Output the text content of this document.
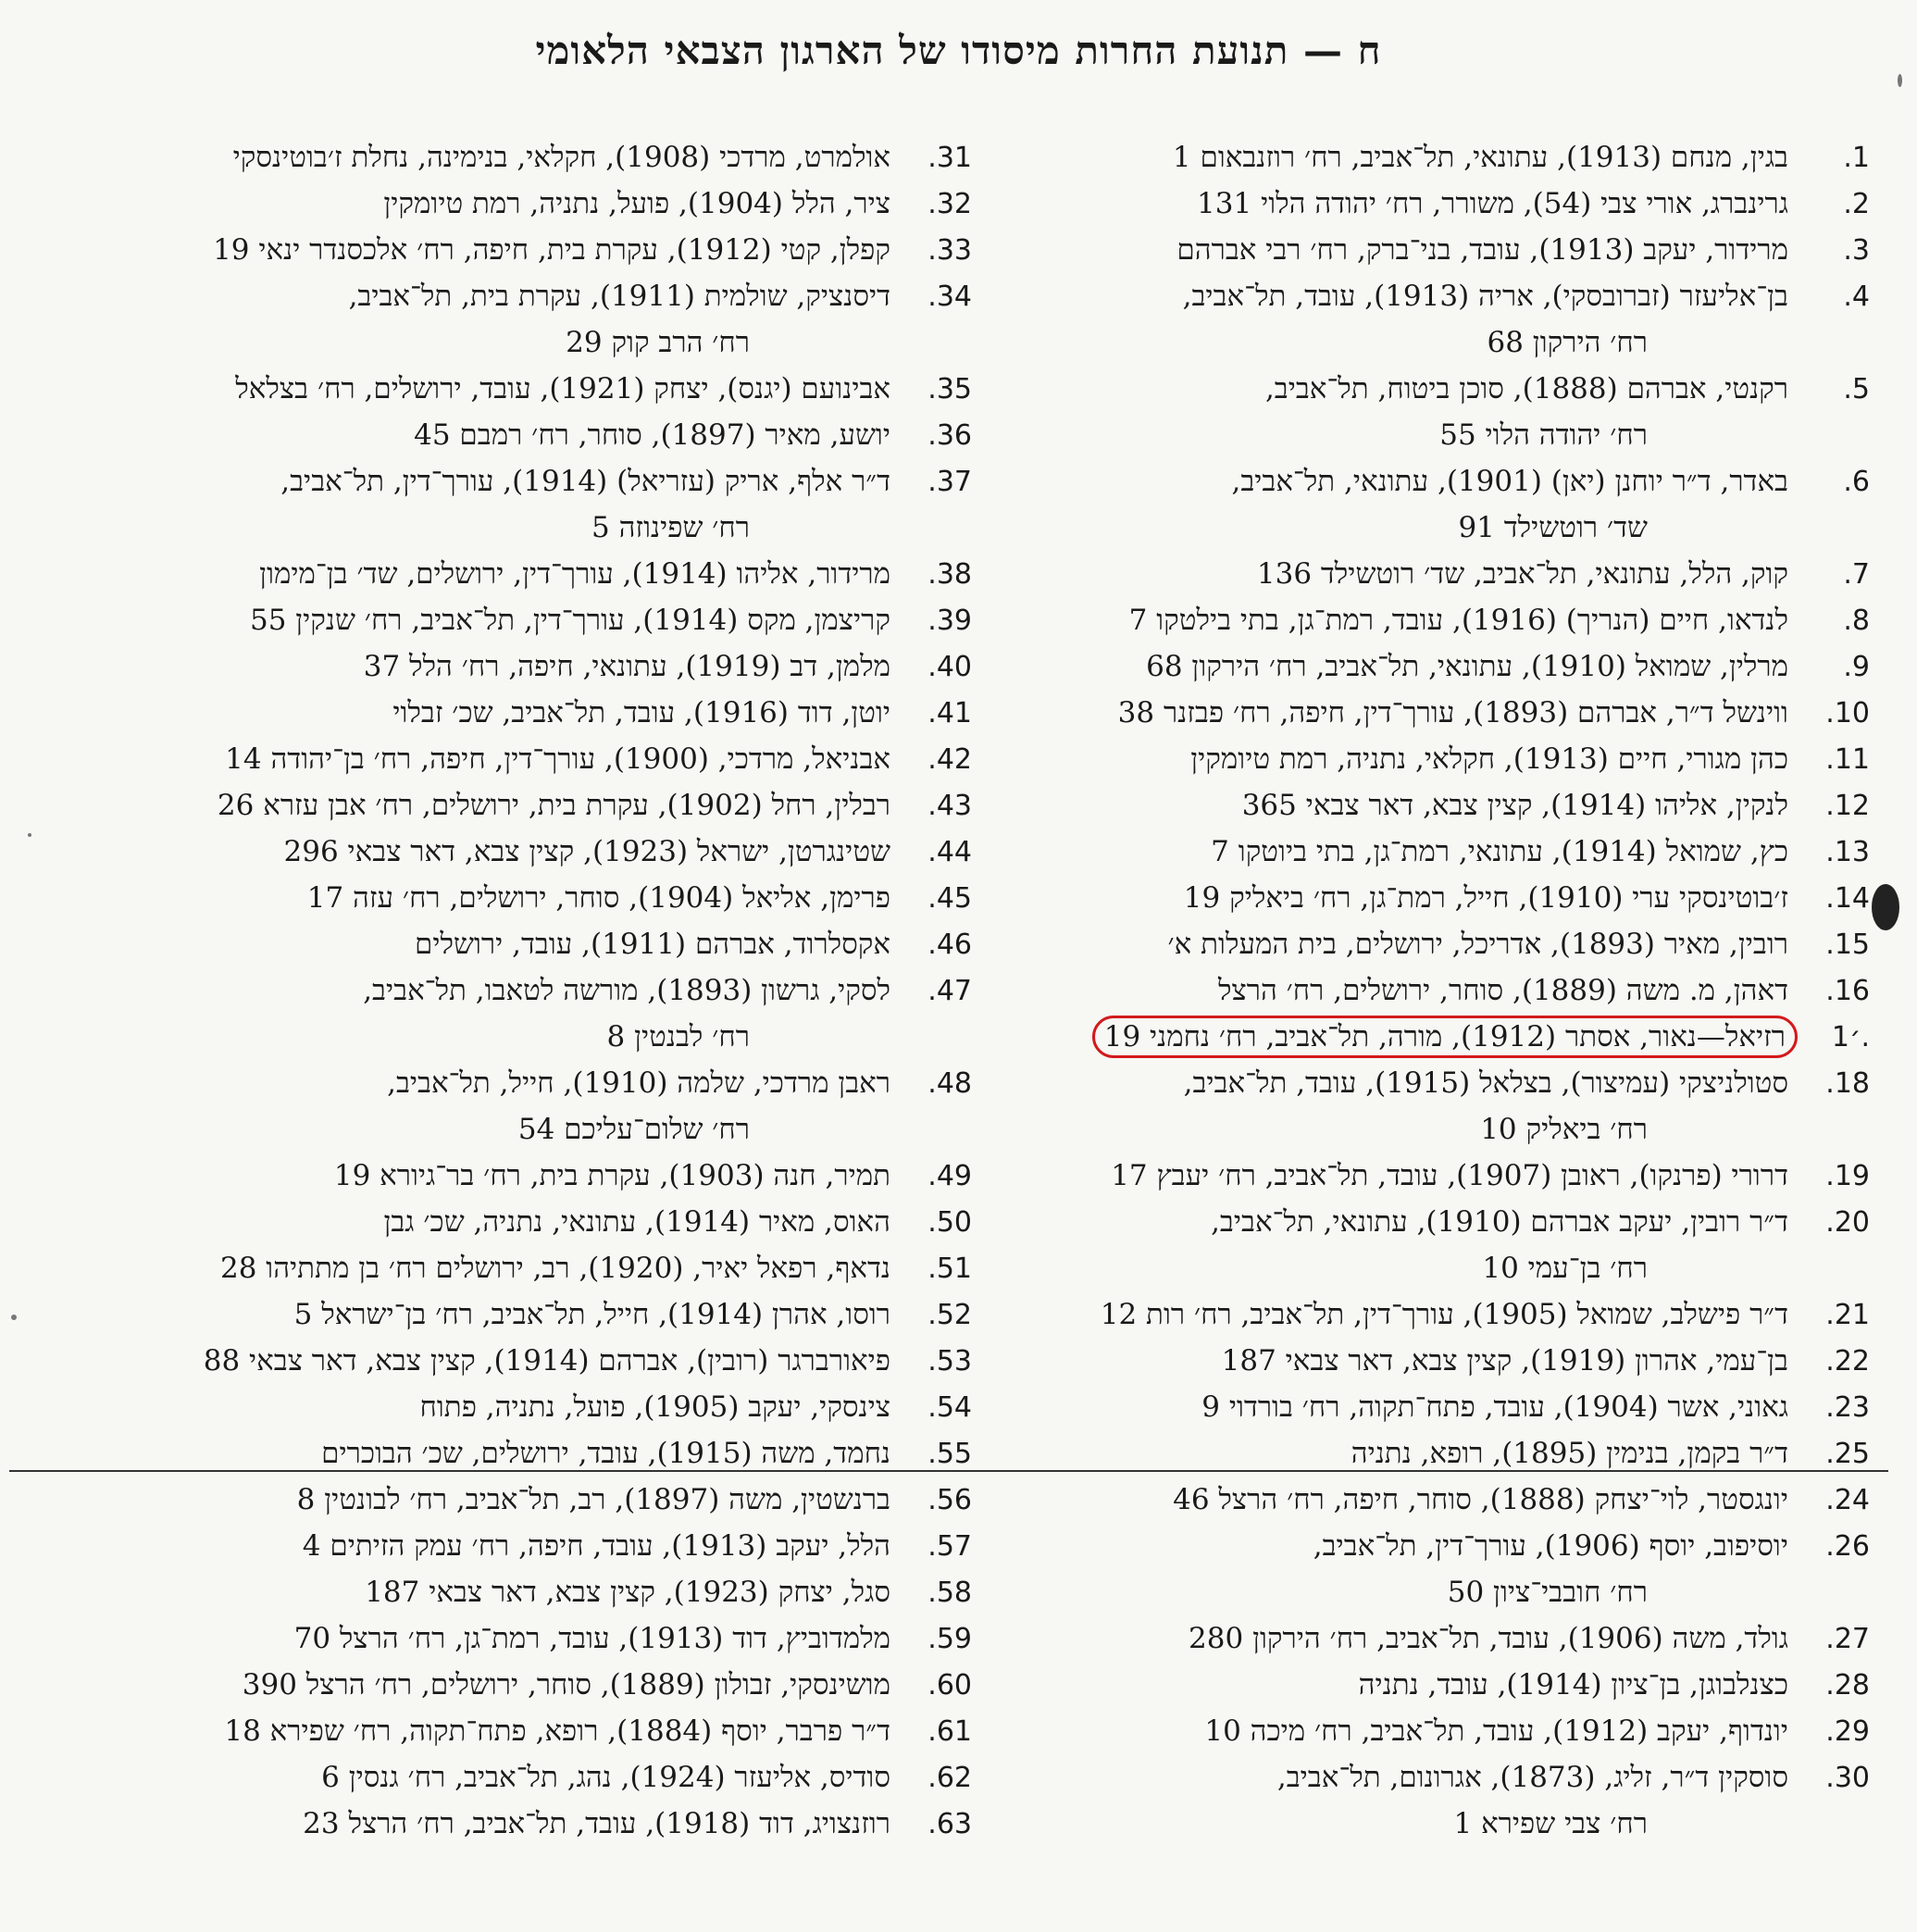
ח — תנועת החרות מיסודו של הארגון הצבאי הלאומי
.1בגין, מנחם (1913), עתונאי, תל־אביב, רח׳ רוזנבאום 1
.2גרינברג, אורי צבי (54), משורר, רח׳ יהודה הלוי 131
.3מרידור, יעקב (1913), עובד, בני־ברק, רח׳ רבי אברהם
.4בן־אליעזר (זברובסקי), אריה (1913), עובד, תל־אביב,
רח׳ הירקון 68
.5רקנטי, אברהם (1888), סוכן ביטוח, תל־אביב,
רח׳ יהודה הלוי 55
.6באדר, ד״ר יוחנן (יאן) (1901), עתונאי, תל־אביב,
שד׳ רוטשילד 91
.7קוק, הלל, עתונאי, תל־אביב, שד׳ רוטשילד 136
.8לנדאו, חיים (הנריך) (1916), עובד, רמת־גן, בתי בילטקו 7
.9מרלין, שמואל (1910), עתונאי, תל־אביב, רח׳ הירקון 68
.10ווינשל ד״ר, אברהם (1893), עורך־דין, חיפה, רח׳ פבזנר 38
.11כהן מגורי, חיים (1913), חקלאי, נתניה, רמת טיומקין
.12לנקין, אליהו (1914), קצין צבא, דאר צבאי 365
.13כץ, שמואל (1914), עתונאי, רמת־גן, בתי ביוטקו 7
.14ז׳בוטינסקי ערי (1910), חייל, רמת־גן, רח׳ ביאליק 19
.15רובין, מאיר (1893), אדריכל, ירושלים, בית המעלות א׳
.16דאהן, מ. משה (1889), סוחר, ירושלים, רח׳ הרצל
׳1.רזיאל—נאור, אסתר (1912), מורה, תל־אביב, רח׳ נחמני 19
.18סטולניצקי (עמיצור), בצלאל (1915), עובד, תל־אביב,
רח׳ ביאליק 10
.19דרורי (פרנקו), ראובן (1907), עובד, תל־אביב, רח׳ יעבץ 17
.20ד״ר רובין, יעקב אברהם (1910), עתונאי, תל־אביב,
רח׳ בן־עמי 10
.21ד״ר פישלב, שמואל (1905), עורך־דין, תל־אביב, רח׳ רות 12
.22בן־עמי, אהרון (1919), קצין צבא, דאר צבאי 187
.23גאוני, אשר (1904), עובד, פתח־תקוה, רח׳ בורדוי 9
.25ד״ר בקמן, בנימין (1895), רופא, נתניה
.24יונגסטר, לוי־יצחק (1888), סוחר, חיפה, רח׳ הרצל 46
.26יוסיפוב, יוסף (1906), עורך־דין, תל־אביב,
רח׳ חובבי־ציון 50
.27גולד, משה (1906), עובד, תל־אביב, רח׳ הירקון 280
.28כצנלבוגן, בן־ציון (1914), עובד, נתניה
.29יונדוף, יעקב (1912), עובד, תל־אביב, רח׳ מיכה 10
.30סוסקין ד״ר, זליג, (1873), אגרונום, תל־אביב,
רח׳ צבי שפירא 1
.31אולמרט, מרדכי (1908), חקלאי, בנימינה, נחלת ז׳בוטינסקי
.32ציר, הלל (1904), פועל, נתניה, רמת טיומקין
.33קפלן, קטי (1912), עקרת בית, חיפה, רח׳ אלכסנדר ינאי 19
.34דיסנציק, שולמית (1911), עקרת בית, תל־אביב,
רח׳ הרב קוק 29
.35אבינועם (יגנס), יצחק (1921), עובד, ירושלים, רח׳ בצלאל
.36יושע, מאיר (1897), סוחר, רח׳ רמבם 45
.37ד״ר אלף, אריק (עזריאל) (1914), עורך־דין, תל־אביב,
רח׳ שפינוזה 5
.38מרידור, אליהו (1914), עורך־דין, ירושלים, שד׳ בן־מימון
.39קריצמן, מקס (1914), עורך־דין, תל־אביב, רח׳ שנקין 55
.40מלמן, דב (1919), עתונאי, חיפה, רח׳ הלל 37
.41יוטן, דוד (1916), עובד, תל־אביב, שכ׳ זבלוי
.42אבניאל, מרדכי, (1900), עורך־דין, חיפה, רח׳ בן־יהודה 14
.43רבלין, רחל (1902), עקרת בית, ירושלים, רח׳ אבן עזרא 26
.44שטינגרטן, ישראל (1923), קצין צבא, דאר צבאי 296
.45פרימן, אליאל (1904), סוחר, ירושלים, רח׳ עזה 17
.46אקסלרוד, אברהם (1911), עובד, ירושלים
.47לסקי, גרשון (1893), מורשה לטאבו, תל־אביב,
רח׳ לבנטין 8
.48ראבן מרדכי, שלמה (1910), חייל, תל־אביב,
רח׳ שלום־עליכם 54
.49תמיר, חנה (1903), עקרת בית, רח׳ בר־גיורא 19
.50האוס, מאיר (1914), עתונאי, נתניה, שכ׳ גבן
.51נדאף, רפאל יאיר, (1920), רב, ירושלים רח׳ בן מתתיהו 28
.52רוסו, אהרן (1914), חייל, תל־אביב, רח׳ בן־ישראל 5
.53פיאורברגר (רובין), אברהם (1914), קצין צבא, דאר צבאי 88
.54צינסקי, יעקב (1905), פועל, נתניה, פתוח
.55נחמד, משה (1915), עובד, ירושלים, שכ׳ הבוכרים
.56ברנשטין, משה (1897), רב, תל־אביב, רח׳ לבונטין 8
.57הלל, יעקב (1913), עובד, חיפה, רח׳ עמק הזיתים 4
.58סגל, יצחק (1923), קצין צבא, דאר צבאי 187
.59מלמדוביץ, דוד (1913), עובד, רמת־גן, רח׳ הרצל 70
.60מושינסקי, זבולון (1889), סוחר, ירושלים, רח׳ הרצל 390
.61ד״ר פרבר, יוסף (1884), רופא, פתח־תקוה, רח׳ שפירא 18
.62סודיס, אליעזר (1924), נהג, תל־אביב, רח׳ גנסין 6
.63רוזנצויג, דוד (1918), עובד, תל־אביב, רח׳ הרצל 23
